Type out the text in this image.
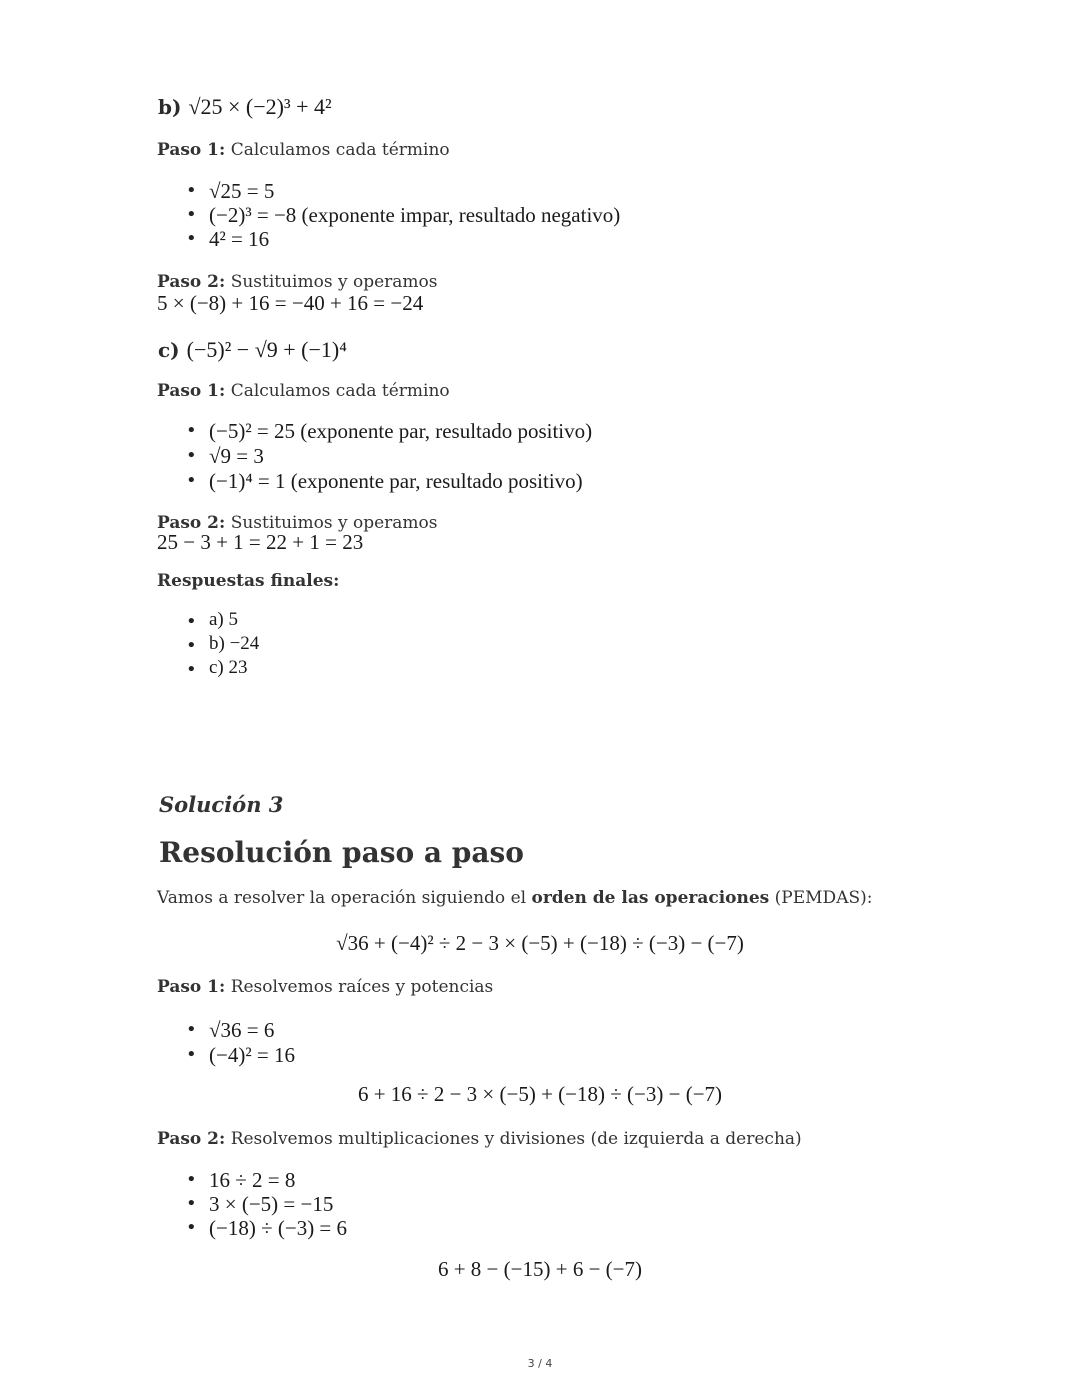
b) √25 × (−2)³ + 4²
Paso 1: Calculamos cada término
• √25 = 5
• (−2)³ = −8 (exponente impar, resultado negativo)
• 4² = 16
Paso 2: Sustituimos y operamos
5 × (−8) + 16 = −40 + 16 = −24
c) (−5)² − √9 + (−1)⁴
Paso 1: Calculamos cada término
• (−5)² = 25 (exponente par, resultado positivo)
• √9 = 3
• (−1)⁴ = 1 (exponente par, resultado positivo)
Paso 2: Sustituimos y operamos
25 − 3 + 1 = 22 + 1 = 23
Respuestas finales:
• a) 5
• b) −24
• c) 23
Solución 3
Resolución paso a paso
Vamos a resolver la operación siguiendo el orden de las operaciones (PEMDAS):
√36 + (−4)² ÷ 2 − 3 × (−5) + (−18) ÷ (−3) − (−7)
Paso 1: Resolvemos raíces y potencias
• √36 = 6
• (−4)² = 16
6 + 16 ÷ 2 − 3 × (−5) + (−18) ÷ (−3) − (−7)
Paso 2: Resolvemos multiplicaciones y divisiones (de izquierda a derecha)
• 16 ÷ 2 = 8
• 3 × (−5) = −15
• (−18) ÷ (−3) = 6
6 + 8 − (−15) + 6 − (−7)
3 / 4
